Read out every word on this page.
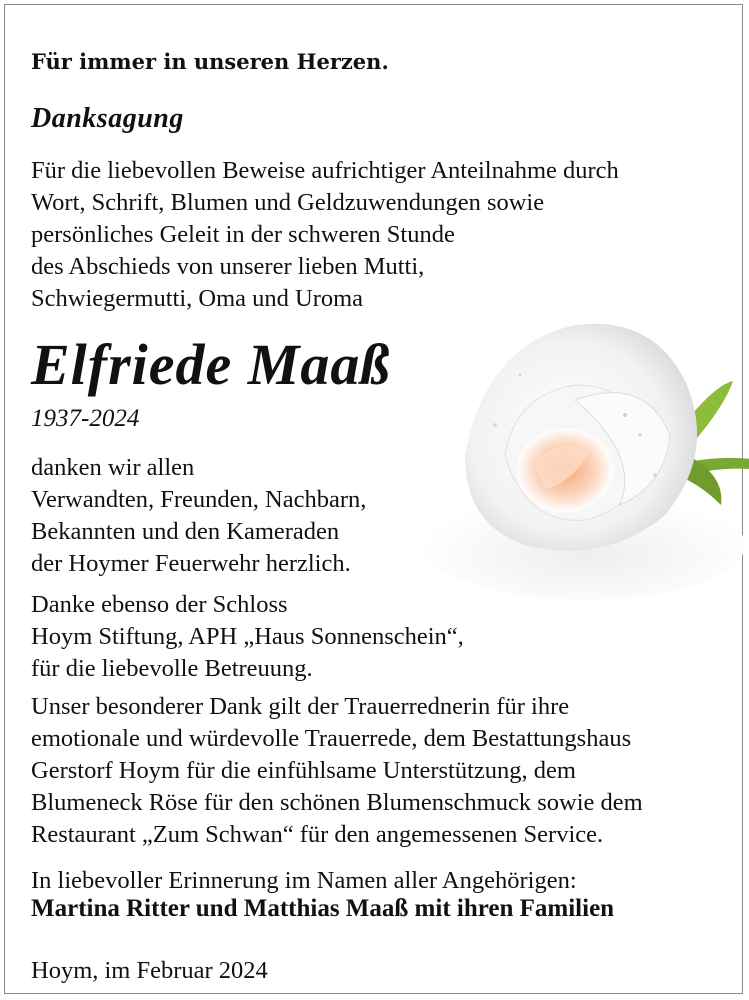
Für immer in unseren Herzen.

Danksagung

Für die liebevollen Beweise aufrichtiger Anteilnahme durch
Wort, Schrift, Blumen und Geldzuwendungen sowie
persönliches Geleit in der schweren Stunde
des Abschieds von unserer lieben Mutti,
Schwiegermutti, Oma und Uroma

Elfriede Maaß

1937-2024

danken wir allen
Verwandten, Freunden, Nachbarn,
Bekannten und den Kameraden
der Hoymer Feuerwehr herzlich.
Danke ebenso der Schloss
Hoym Stiftung, APH „Haus Sonnenschein“,
für die liebevolle Betreuung.
Unser besonderer Dank gilt der Trauerrednerin für ihre
emotionale und würdevolle Trauerrede, dem Bestattungshaus
Gerstorf Hoym für die einfühlsame Unterstützung, dem
Blumeneck Röse für den schönen Blumenschmuck sowie dem
Restaurant „Zum Schwan“ für den angemessenen Service.

In liebevoller Erinnerung im Namen aller Angehörigen:

Martina Ritter und Matthias Maaß mit ihren Familien

Hoym, im Februar 2024
